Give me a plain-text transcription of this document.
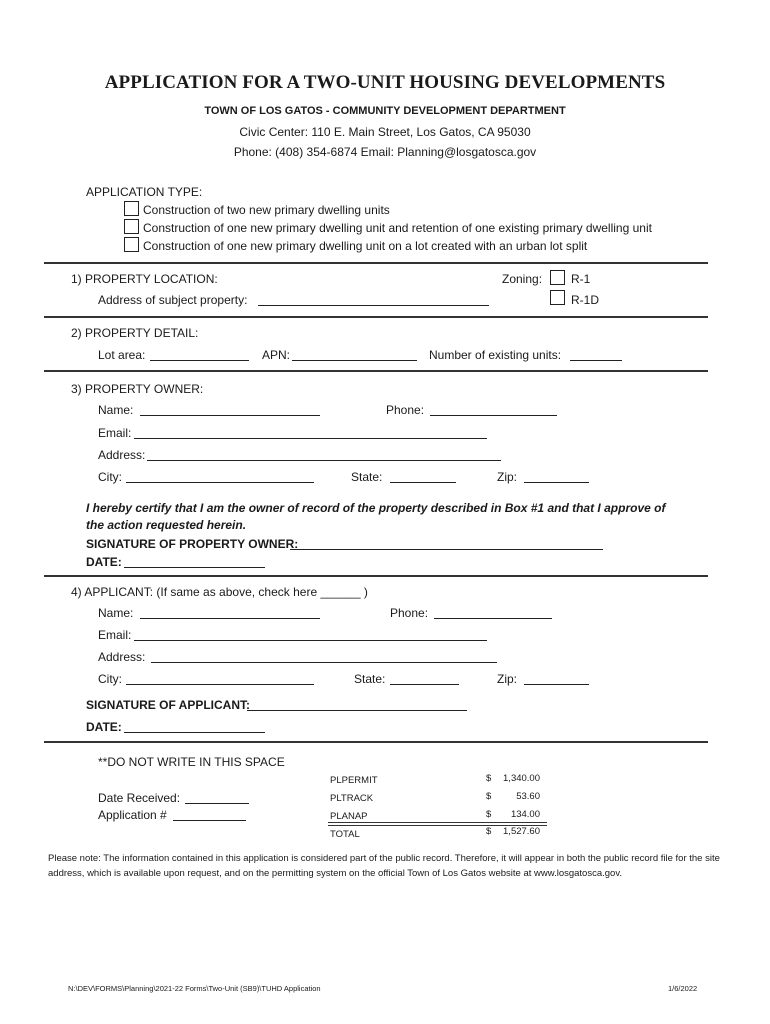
APPLICATION FOR A TWO-UNIT HOUSING DEVELOPMENTS
TOWN OF LOS GATOS - COMMUNITY DEVELOPMENT DEPARTMENT
Civic Center: 110 E. Main Street, Los Gatos, CA 95030
Phone: (408) 354-6874 Email: Planning@losgatosca.gov
APPLICATION TYPE:
Construction of two new primary dwelling units
Construction of one new primary dwelling unit and retention of one existing primary dwelling unit
Construction of one new primary dwelling unit on a lot created with an urban lot split
1) PROPERTY LOCATION:
Address of subject property:
Zoning: R-1
R-1D
2) PROPERTY DETAIL:
Lot area:	APN:	Number of existing units:
3) PROPERTY OWNER:
Name:	Phone:
Email:
Address:
City:	State:	Zip:
I hereby certify that I am the owner of record of the property described in Box #1 and that I approve of
the action requested herein.
SIGNATURE OF PROPERTY OWNER:
DATE:
4) APPLICANT: (If same as above, check here ______ )
Name:	Phone:
Email:
Address:
City:	State:	Zip:
SIGNATURE OF APPLICANT:
DATE:
**DO NOT WRITE IN THIS SPACE
Date Received:
Application #
PLPERMIT	$	1,340.00
PLTRACK	$	53.60
PLANAP	$	134.00
TOTAL	$	1,527.60
Please note: The information contained in this application is considered part of the public record. Therefore, it will appear in both the public record file for the site address, which is available upon request, and on the permitting system on the official Town of Los Gatos website at www.losgatosca.gov.
N:\DEV\FORMS\Planning\2021-22 Forms\Two-Unit (SB9)\TUHD Application	1/6/2022
